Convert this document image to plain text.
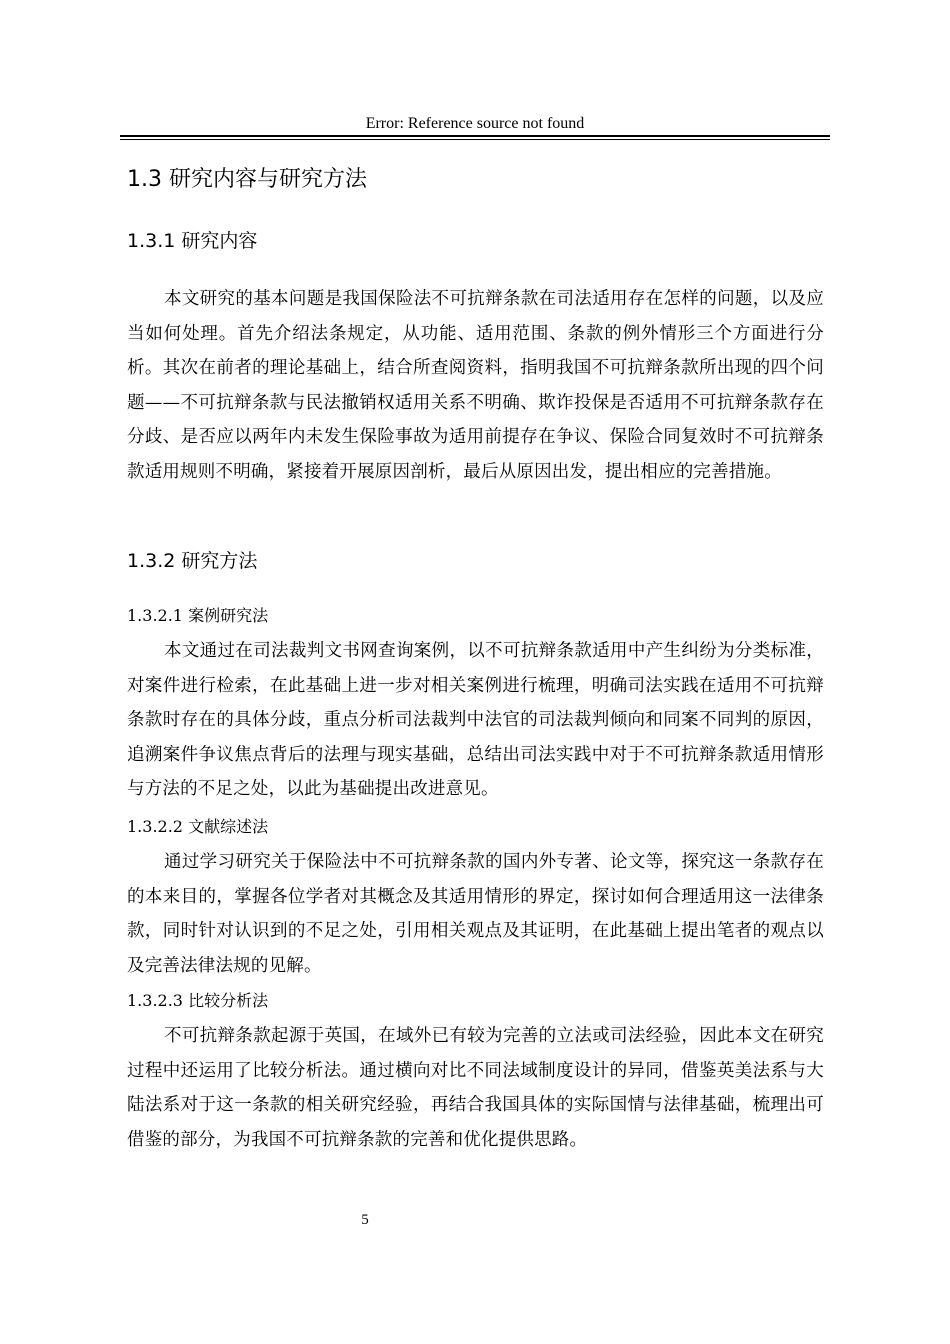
Error: Reference source not found
1.3 研究内容与研究方法
1.3.1 研究内容
本文研究的基本问题是我国保险法不可抗辩条款在司法适用存在怎样的问题，以及应当如何处理。首先介绍法条规定，从功能、适用范围、条款的例外情形三个方面进行分析。其次在前者的理论基础上，结合所查阅资料，指明我国不可抗辩条款所出现的四个问题——不可抗辩条款与民法撤销权适用关系不明确、欺诈投保是否适用不可抗辩条款存在分歧、是否应以两年内未发生保险事故为适用前提存在争议、保险合同复效时不可抗辩条款适用规则不明确，紧接着开展原因剖析，最后从原因出发，提出相应的完善措施。
1.3.2 研究方法
1.3.2.1 案例研究法
本文通过在司法裁判文书网查询案例，以不可抗辩条款适用中产生纠纷为分类标准，对案件进行检索，在此基础上进一步对相关案例进行梳理，明确司法实践在适用不可抗辩条款时存在的具体分歧，重点分析司法裁判中法官的司法裁判倾向和同案不同判的原因，追溯案件争议焦点背后的法理与现实基础，总结出司法实践中对于不可抗辩条款适用情形与方法的不足之处，以此为基础提出改进意见。
1.3.2.2 文献综述法
通过学习研究关于保险法中不可抗辩条款的国内外专著、论文等，探究这一条款存在的本来目的，掌握各位学者对其概念及其适用情形的界定，探讨如何合理适用这一法律条款，同时针对认识到的不足之处，引用相关观点及其证明，在此基础上提出笔者的观点以及完善法律法规的见解。
1.3.2.3 比较分析法
不可抗辩条款起源于英国，在域外已有较为完善的立法或司法经验，因此本文在研究过程中还运用了比较分析法。通过横向对比不同法域制度设计的异同，借鉴英美法系与大陆法系对于这一条款的相关研究经验，再结合我国具体的实际国情与法律基础，梳理出可借鉴的部分，为我国不可抗辩条款的完善和优化提供思路。
5
